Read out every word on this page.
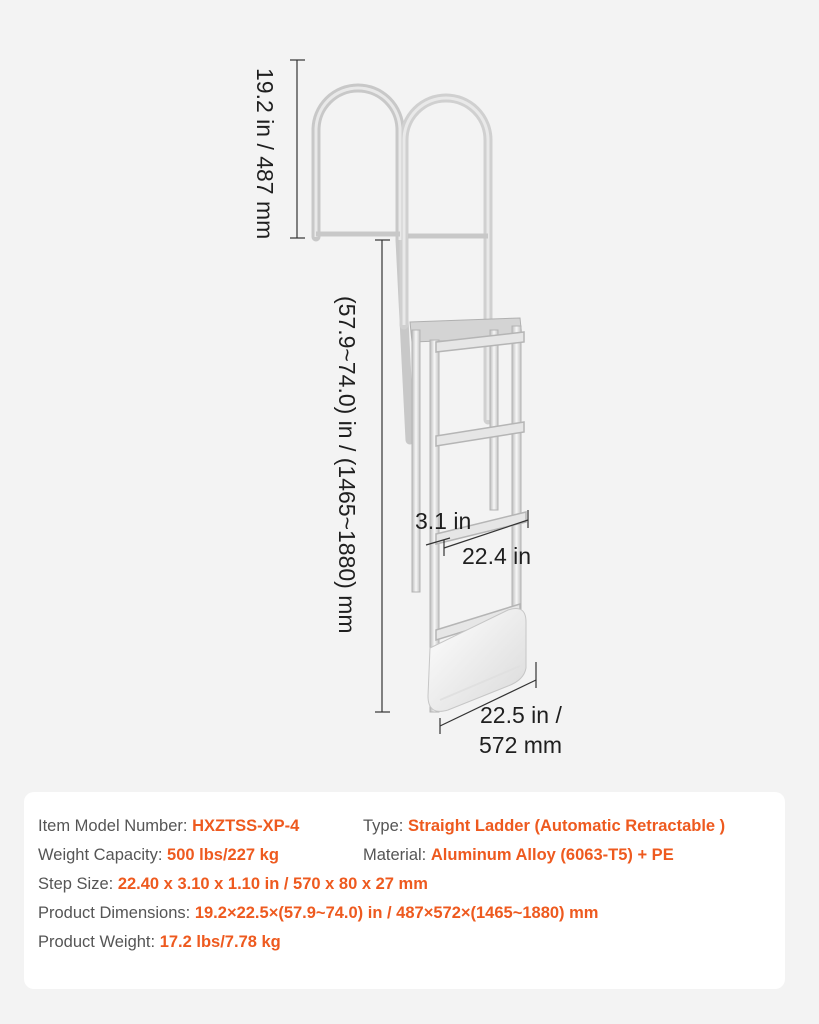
19.2 in / 487 mm
(57.9~74.0) in / (1465~1880) mm 3.1 in
22.4 in
22.5 in /
572 mm
Item Model Number: HXZTSS-XP-4	Type: Straight Ladder (Automatic Retractable )
Weight Capacity: 500 lbs/227 kg	Material: Aluminum Alloy (6063-T5) + PE
Step Size: 22.40 x 3.10 x 1.10 in / 570 x 80 x 27 mm
Product Dimensions: 19.2×22.5×(57.9~74.0) in / 487×572×(1465~1880) mm
Product Weight: 17.2 lbs/7.78 kg
